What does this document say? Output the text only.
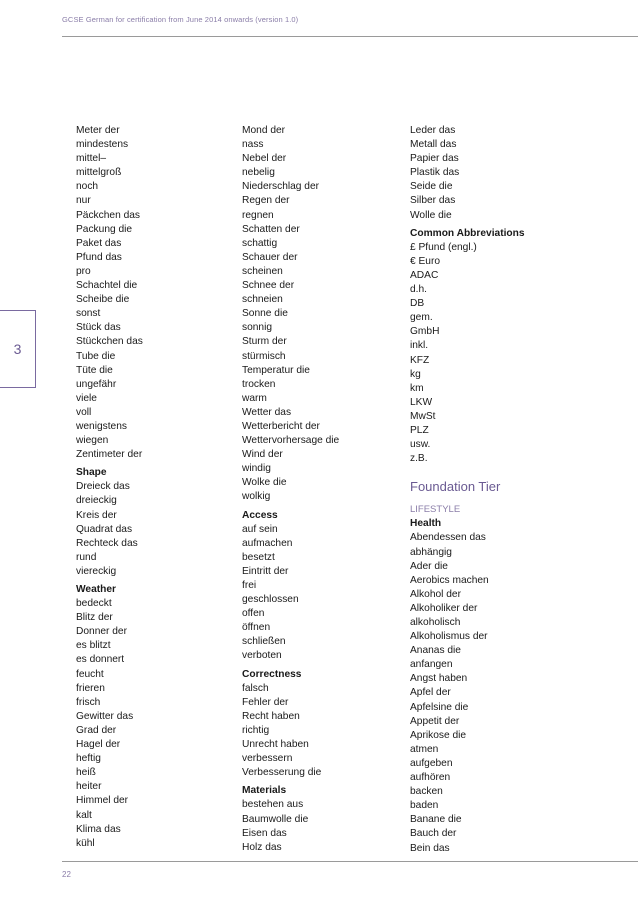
GCSE German for certification from June 2014 onwards (version 1.0)
3
Meter der
mindestens
mittel–
mittelgroß
noch
nur
Päckchen das
Packung die
Paket das
Pfund das
pro
Schachtel die
Scheibe die
sonst
Stück das
Stückchen das
Tube die
Tüte die
ungefähr
viele
voll
wenigstens
wiegen
Zentimeter der
Shape
Dreieck das
dreieckig
Kreis der
Quadrat das
Rechteck das
rund
viereckig
Weather
bedeckt
Blitz der
Donner der
es blitzt
es donnert
feucht
frieren
frisch
Gewitter das
Grad der
Hagel der
heftig
heiß
heiter
Himmel der
kalt
Klima das
kühl
Mond der
nass
Nebel der
nebelig
Niederschlag der
Regen der
regnen
Schatten der
schattig
Schauer der
scheinen
Schnee der
schneien
Sonne die
sonnig
Sturm der
stürmisch
Temperatur die
trocken
warm
Wetter das
Wetterbericht der
Wettervorhersage die
Wind der
windig
Wolke die
wolkig
Access
auf sein
aufmachen
besetzt
Eintritt der
frei
geschlossen
offen
öffnen
schließen
verboten
Correctness
falsch
Fehler der
Recht haben
richtig
Unrecht haben
verbessern
Verbesserung die
Materials
bestehen aus
Baumwolle die
Eisen das
Holz das
Leder das
Metall das
Papier das
Plastik das
Seide die
Silber das
Wolle die
Common Abbreviations
£ Pfund (engl.)
€ Euro
ADAC
d.h.
DB
gem.
GmbH
inkl.
KFZ
kg
km
LKW
MwSt
PLZ
usw.
z.B.
Foundation Tier
LIFESTYLE
Health
Abendessen das
abhängig
Ader die
Aerobics machen
Alkohol der
Alkoholiker der
alkoholisch
Alkoholismus der
Ananas die
anfangen
Angst haben
Apfel der
Apfelsine die
Appetit der
Aprikose die
atmen
aufgeben
aufhören
backen
baden
Banane die
Bauch der
Bein das
22
